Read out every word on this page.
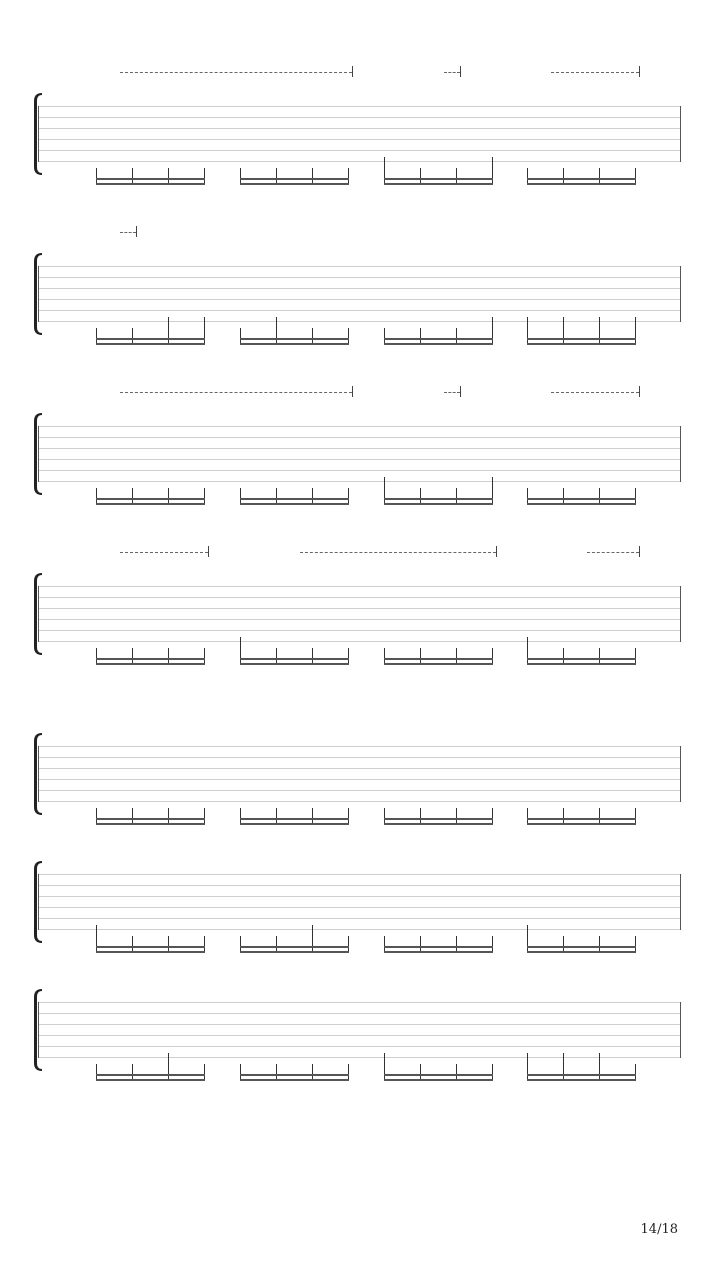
14/18
